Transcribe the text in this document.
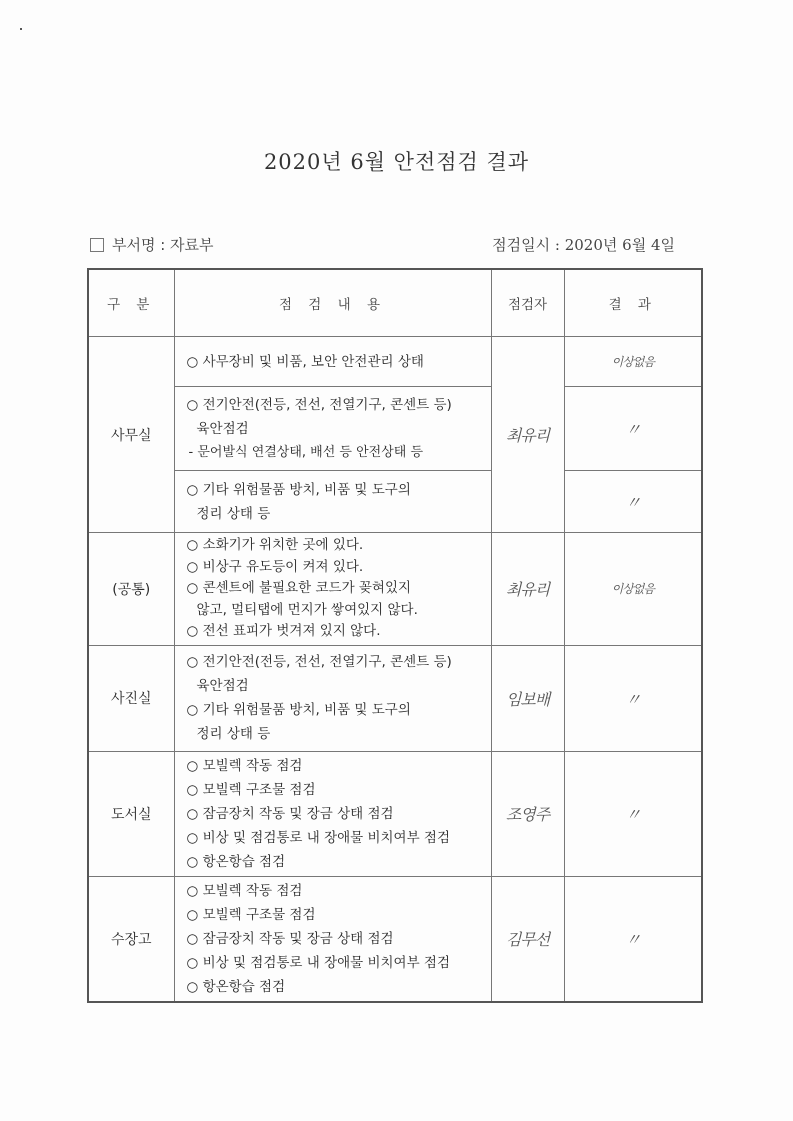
2020년 6월 안전점검 결과
부서명 : 자료부	점검일시 : 2020년 6월 4일
구 분	점 검 내 용	점검자	결 과
사무실	○ 사무장비 및 비품, 보안 안전관리 상태	최유리	이상없음

	○ 전기안전(전등, 전선, 전열기구, 콘센트 등)
육안점검
- 문어발식 연결상태, 배선 등 안전상태 등		〃

	○ 기타 위험물품 방치, 비품 및 도구의
정리 상태 등		〃
(공통)	○ 소화기가 위치한 곳에 있다.
○ 비상구 유도등이 켜져 있다.
○ 콘센트에 불필요한 코드가 꽂혀있지
않고, 멀티탭에 먼지가 쌓여있지 않다.
○ 전선 표피가 벗겨져 있지 않다.	최유리	이상없음
사진실	○ 전기안전(전등, 전선, 전열기구, 콘센트 등)
육안점검
○ 기타 위험물품 방치, 비품 및 도구의
정리 상태 등	임보배	〃
도서실	○ 모빌렉 작동 점검
○ 모빌렉 구조물 점검
○ 잠금장치 작동 및 장금 상태 점검
○ 비상 및 점검통로 내 장애물 비치여부 점검
○ 항온항습 점검	조영주	〃
수장고	○ 모빌렉 작동 점검
○ 모빌렉 구조물 점검
○ 잠금장치 작동 및 장금 상태 점검
○ 비상 및 점검통로 내 장애물 비치여부 점검
○ 항온항습 점검	김무선	〃
